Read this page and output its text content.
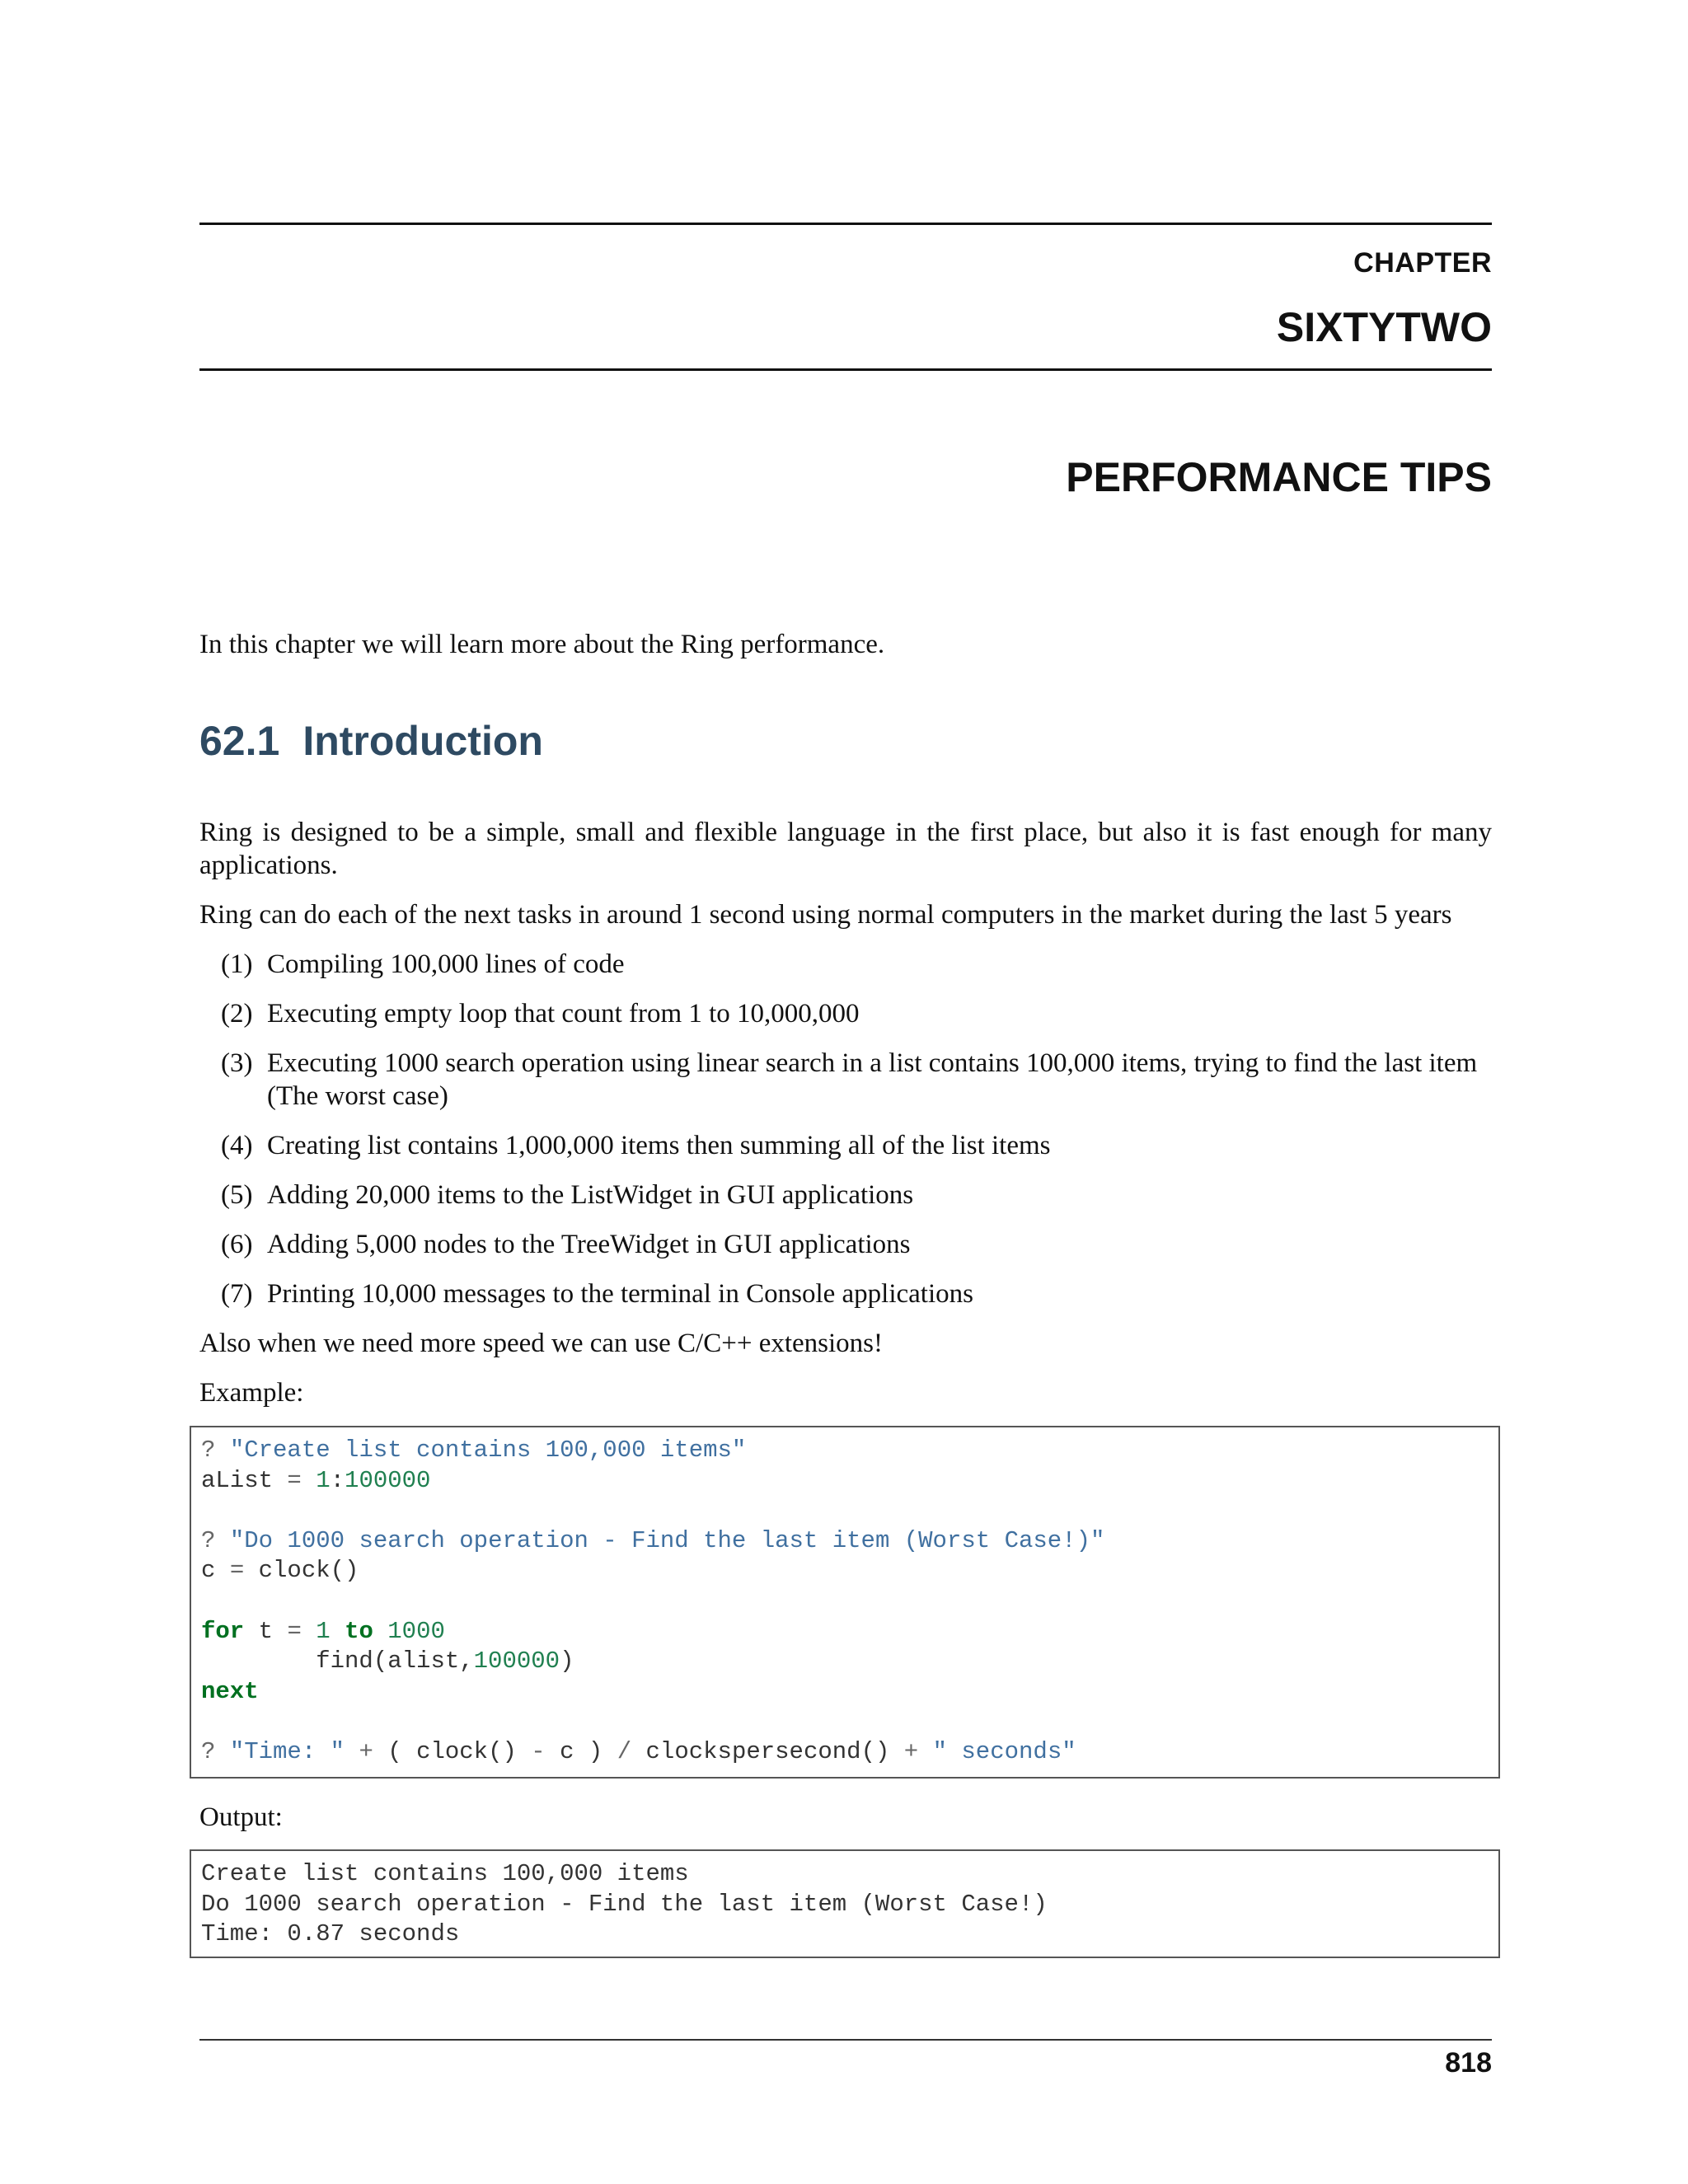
CHAPTER
SIXTYTWO
PERFORMANCE TIPS
In this chapter we will learn more about the Ring performance.
62.1 Introduction
Ring is designed to be a simple, small and flexible language in the first place, but also it is fast enough for many applications.
Ring can do each of the next tasks in around 1 second using normal computers in the market during the last 5 years
(1) Compiling 100,000 lines of code
(2) Executing empty loop that count from 1 to 10,000,000
(3) Executing 1000 search operation using linear search in a list contains 100,000 items, trying to find the last item (The worst case)
(4) Creating list contains 1,000,000 items then summing all of the list items
(5) Adding 20,000 items to the ListWidget in GUI applications
(6) Adding 5,000 nodes to the TreeWidget in GUI applications
(7) Printing 10,000 messages to the terminal in Console applications
Also when we need more speed we can use C/C++ extensions!
Example:
? "Create list contains 100,000 items"
aList = 1:100000
? "Do 1000 search operation - Find the last item (Worst Case!)"
c = clock()
for t = 1 to 1000
find(alist,100000)
next
? "Time: " + ( clock() - c ) / clockspersecond() + " seconds"
Output:
Create list contains 100,000 items
Do 1000 search operation - Find the last item (Worst Case!)
Time: 0.87 seconds
818
